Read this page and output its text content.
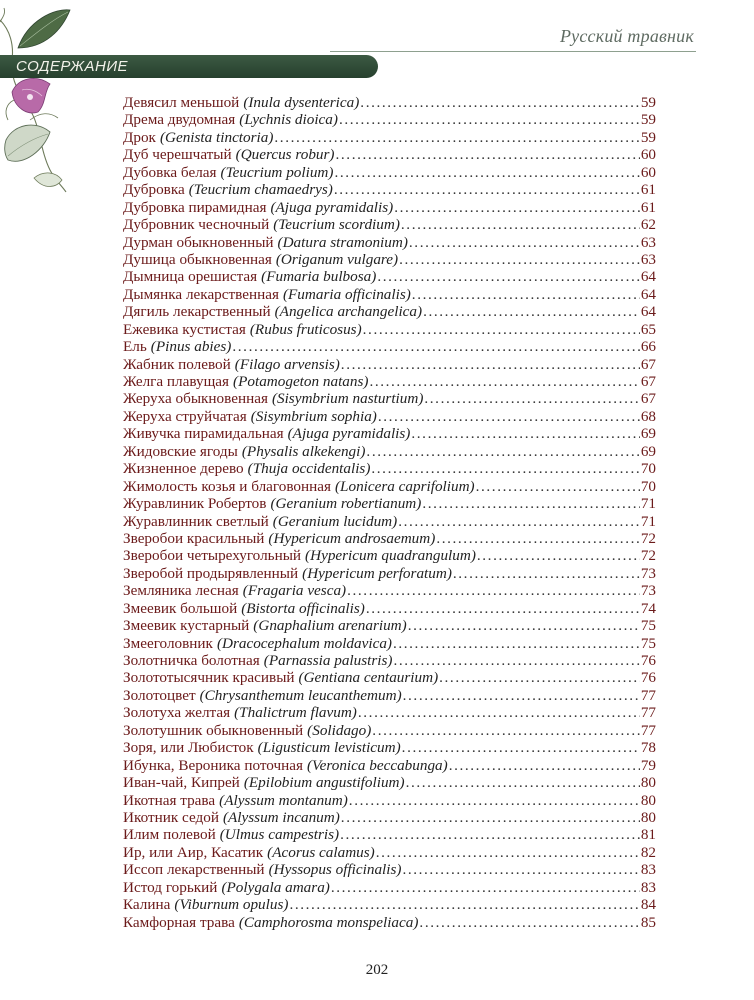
Русский травник
СОДЕРЖАНИЕ
Девясил меньшой (Inula dysenterica) .....	59
Дрема двудомная (Lychnis dioica) .....	59
Дрок (Genista tinctoria) .....	59
Дуб черешчатый (Quercus robur) .....	60
Дубовка белая (Teucrium polium) .....	60
Дубровка (Teucrium chamaedrys) .....	61
Дубровка пирамидная (Ajuga pyramidalis) .....	61
Дубровник чесночный (Teucrium scordium) .....	62
Дурман обыкновенный (Datura stramonium) .....	63
Душица обыкновенная (Origanum vulgare) .....	63
Дымница орешистая (Fumaria bulbosa) .....	64
Дымянка лекарственная (Fumaria officinalis) .....	64
Дягиль лекарственный (Angelica archangelica) .....	64
Ежевика кустистая (Rubus fruticosus) .....	65
Ель (Pinus abies) .....	66
Жабник полевой (Filago arvensis) .....	67
Желга плавущая (Potamogeton natans) .....	67
Жеруха обыкновенная (Sisymbrium nasturtium) .....	67
Жеруха струйчатая (Sisymbrium sophia) .....	68
Живучка пирамидальная (Ajuga pyramidalis) .....	69
Жидовские ягоды (Physalis alkekengi) .....	69
Жизненное дерево (Thuja occidentalis) .....	70
Жимолость козья и благовонная (Lonicera caprifolium) .....	70
Журавлиник Робертов (Geranium robertianum) .....	71
Журавлинник светлый (Geranium lucidum) .....	71
Зверобои красильный (Hypericum androsaemum) .....	72
Зверобои четырехугольный (Hypericum quadrangulum) .....	72
Зверобой продырявленный (Hypericum perforatum) .....	73
Земляника лесная (Fragaria vesca) .....	73
Змеевик большой (Bistorta officinalis) .....	74
Змеевик кустарный (Gnaphalium arenarium) .....	75
Змееголовник (Dracocephalum moldavica) .....	75
Золотничка болотная (Parnassia palustris) .....	76
Золототысячник красивый (Gentiana centaurium) .....	76
Золотоцвет (Chrysanthemum leucanthemum) .....	77
Золотуха желтая (Thalictrum flavum) .....	77
Золотушник обыкновенный (Solidago) .....	77
Зоря, или Любисток (Ligusticum levisticum) .....	78
Ибунка, Вероника поточная (Veronica beccabunga) .....	79
Иван-чай, Кипрей (Epilobium angustifolium) .....	80
Икотная трава (Alyssum montanum) .....	80
Икотник седой (Alyssum incanum) .....	80
Илим полевой (Ulmus campestris) .....	81
Ир, или Аир, Касатик (Acorus calamus) .....	82
Иссоп лекарственный (Hyssopus officinalis) .....	83
Истод горький (Polygala amara) .....	83
Калина (Viburnum opulus) .....	84
Камфорная трава (Camphorosma monspeliaca) .....	85
202
